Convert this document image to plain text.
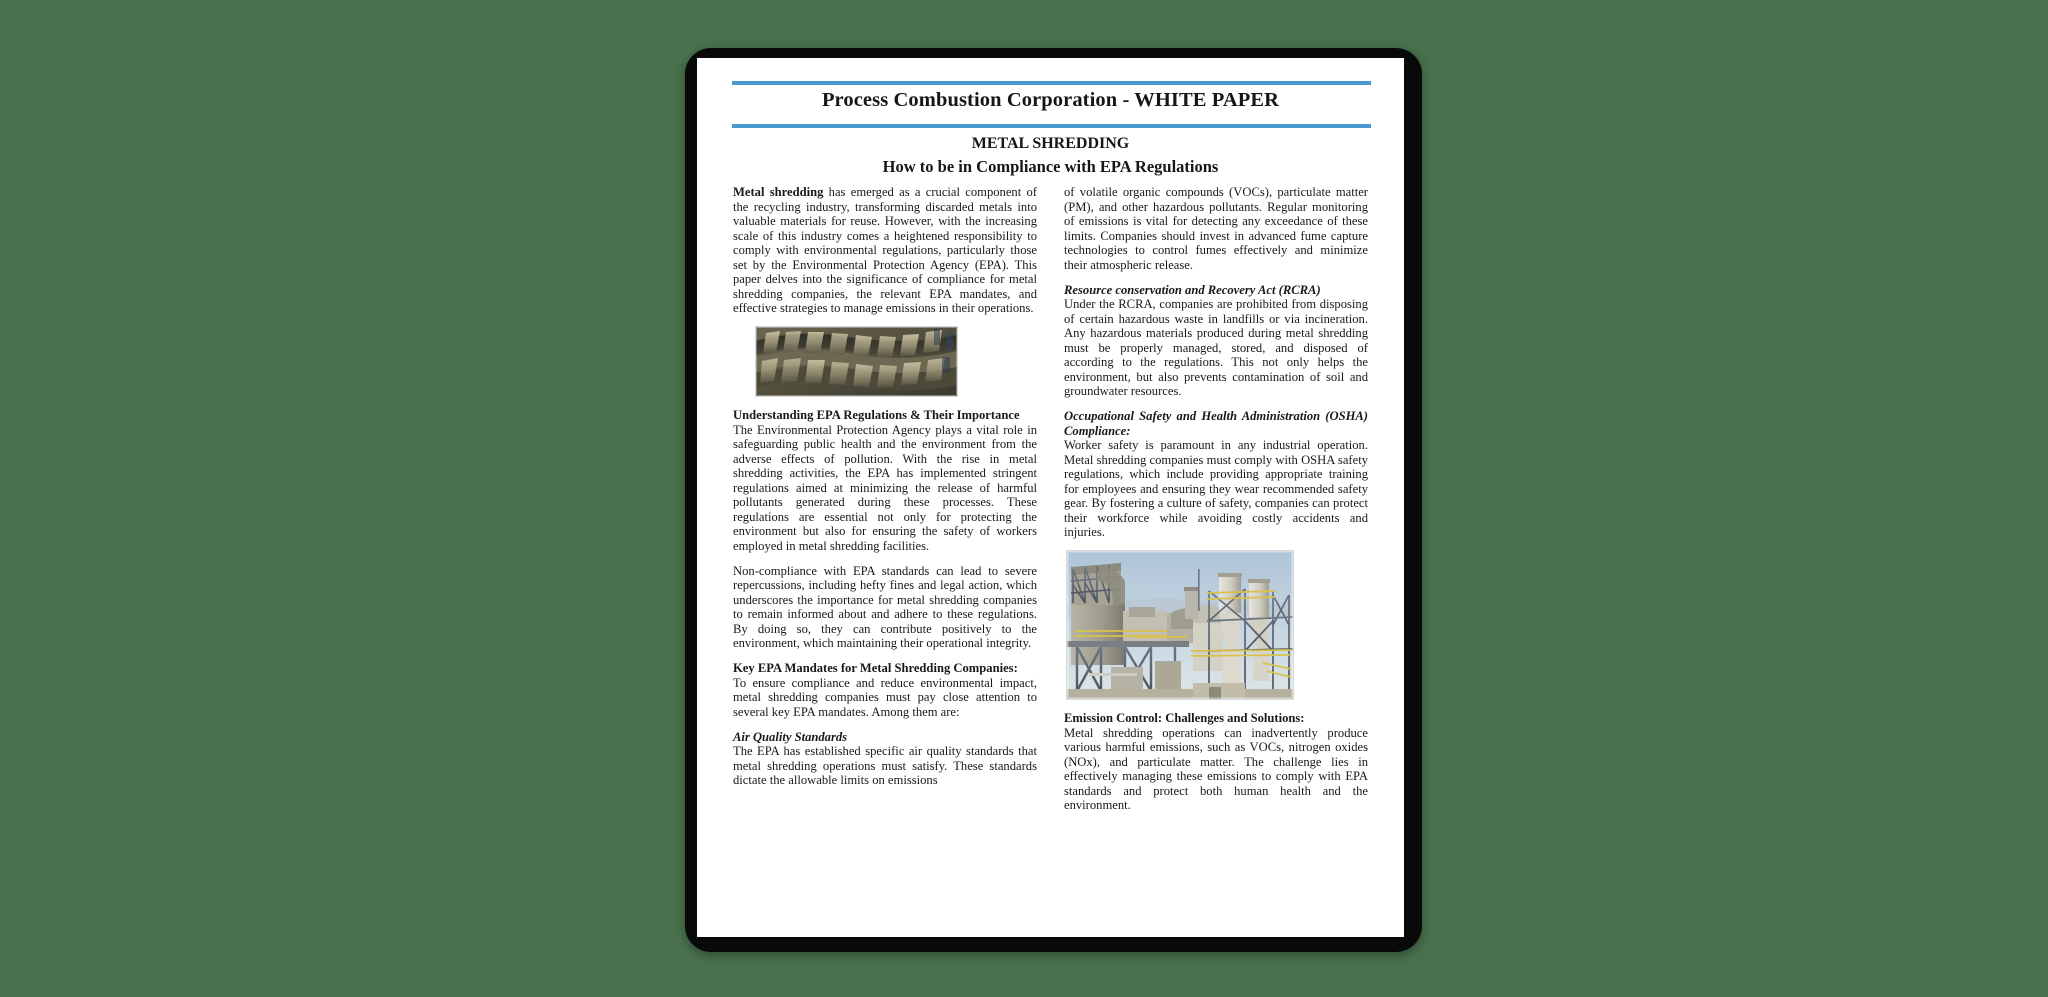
Process Combustion Corporation - WHITE PAPER
METAL SHREDDING
How to be in Compliance with EPA Regulations

Metal shredding has emerged as a crucial component of the recycling industry, transforming discarded metals into valuable materials for reuse. However, with the increasing scale of this industry comes a heightened responsibility to comply with environmental regulations, particularly those set by the Environmental Protection Agency (EPA). This paper delves into the significance of compliance for metal shredding companies, the relevant EPA mandates, and effective strategies to manage emissions in their operations.

Understanding EPA Regulations & Their Importance
The Environmental Protection Agency plays a vital role in safeguarding public health and the environment from the adverse effects of pollution. With the rise in metal shredding activities, the EPA has implemented stringent regulations aimed at minimizing the release of harmful pollutants generated during these processes. These regulations are essential not only for protecting the environment but also for ensuring the safety of workers employed in metal shredding facilities.

Non-compliance with EPA standards can lead to severe repercussions, including hefty fines and legal action, which underscores the importance for metal shredding companies to remain informed about and adhere to these regulations. By doing so, they can contribute positively to the environment, which maintaining their operational integrity.

Key EPA Mandates for Metal Shredding Companies:
To ensure compliance and reduce environmental impact, metal shredding companies must pay close attention to several key EPA mandates. Among them are:

Air Quality Standards
The EPA has established specific air quality standards that metal shredding operations must satisfy. These standards dictate the allowable limits on emissions

of volatile organic compounds (VOCs), particulate matter (PM), and other hazardous pollutants. Regular monitoring of emissions is vital for detecting any exceedance of these limits. Companies should invest in advanced fume capture technologies to control fumes effectively and minimize their atmospheric release.

Resource conservation and Recovery Act (RCRA)
Under the RCRA, companies are prohibited from disposing of certain hazardous waste in landfills or via incineration. Any hazardous materials produced during metal shredding must be properly managed, stored, and disposed of according to the regulations. This not only helps the environment, but also prevents contamination of soil and groundwater resources.

Occupational Safety and Health Administration (OSHA) Compliance:
Worker safety is paramount in any industrial operation. Metal shredding companies must comply with OSHA safety regulations, which include providing appropriate training for employees and ensuring they wear recommended safety gear. By fostering a culture of safety, companies can protect their workforce while avoiding costly accidents and injuries.

Emission Control: Challenges and Solutions:
Metal shredding operations can inadvertently produce various harmful emissions, such as VOCs, nitrogen oxides (NOx), and particulate matter. The challenge lies in effectively managing these emissions to comply with EPA standards and protect both human health and the environment.
